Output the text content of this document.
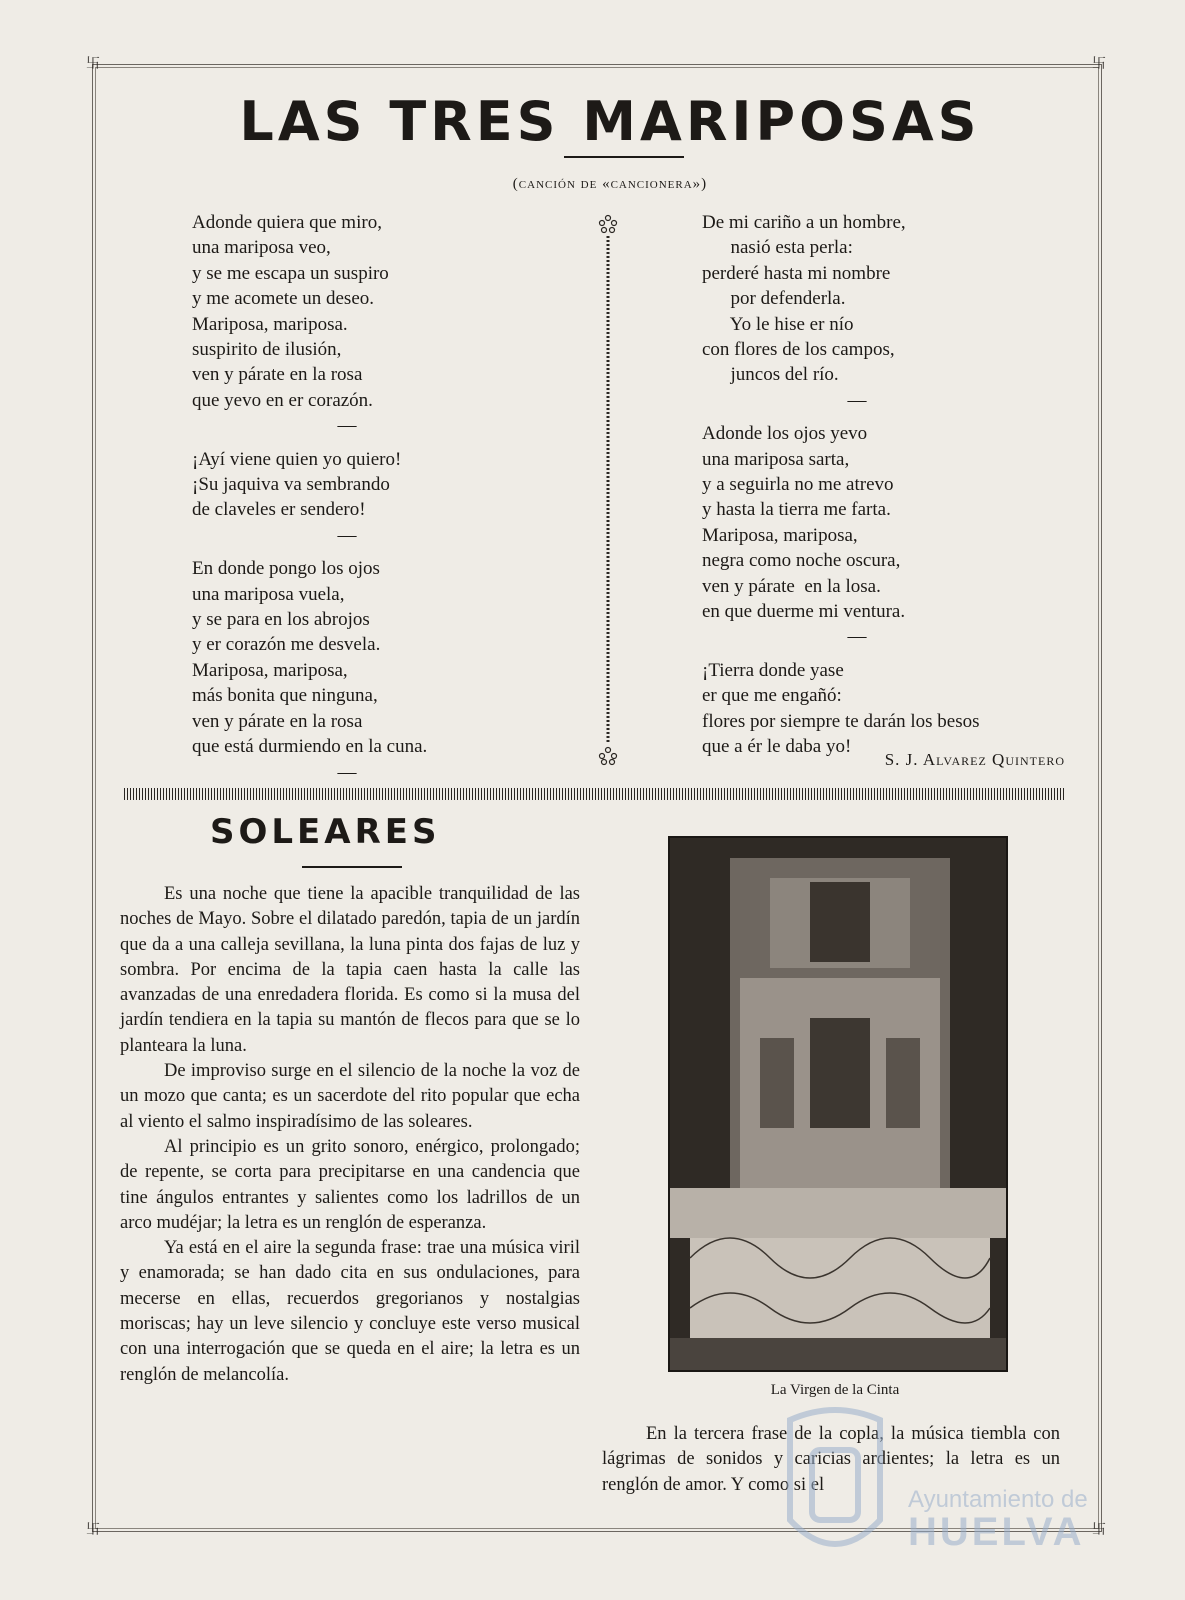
卐	卐
卐	卐
LAS TRES MARIPOSAS
(canción de «cancionera»)
Adonde quiera que miro,
una mariposa veo,
y se me escapa un suspiro
y me acomete un deseo.
Mariposa, mariposa.
suspirito de ilusión,
ven y párate en la rosa
que yevo en er corazón.
—
¡Ayí viene quien yo quiero!
¡Su jaquiva va sembrando
de claveles er sendero!
—
En donde pongo los ojos
una mariposa vuela,
y se para en los abrojos
y er corazón me desvela.
Mariposa, mariposa,
más bonita que ninguna,
ven y párate en la rosa
que está durmiendo en la cuna.
—
De mi cariño a un hombre,
nasió esta perla:
perderé hasta mi nombre
por defenderla.
Yo le hise er nío
con flores de los campos,
juncos del río.
—
Adonde los ojos yevo
una mariposa sarta,
y a seguirla no me atrevo
y hasta la tierra me farta.
Mariposa, mariposa,
negra como noche oscura,
ven y párate  en la losa.
en que duerme mi ventura.
—
¡Tierra donde yase
er que me engañó:
flores por siempre te darán los besos
que a ér le daba yo!
S. J. Alvarez Quintero
SOLEARES

Es una noche que tiene la apacible tranquilidad de las noches de Mayo. Sobre el dilatado paredón, tapia de un jardín que da a una calleja sevillana, la luna pinta dos fajas de luz y sombra. Por encima de la tapia caen hasta la calle las avanzadas de una enredadera florida. Es como si la musa del jardín tendiera en la tapia su mantón de flecos para que se lo planteara la luna.

De improviso surge en el silencio de la noche la voz de un mozo que canta; es un sacerdote del rito popular que echa al viento el salmo inspiradísimo de las soleares.

Al principio es un grito sonoro, enérgico, prolongado; de repente, se corta para precipitarse en una candencia que tine ángulos entrantes y salientes como los ladrillos de un arco mudéjar; la letra es un renglón de esperanza.

Ya está en el aire la segunda frase: trae una música viril y enamorada; se han dado cita en sus ondulaciones, para mecerse en ellas, recuerdos gregorianos y nostalgias moriscas; hay un leve silencio y concluye este verso musical con una interrogación que se queda en el aire; la letra es un renglón de melancolía.

La Virgen de la Cinta

En la tercera frase de la copla, la música tiembla con lágrimas de sonidos y caricias ardientes; la letra es un renglón de amor. Y como si el

Ayuntamiento de
HUELVA
